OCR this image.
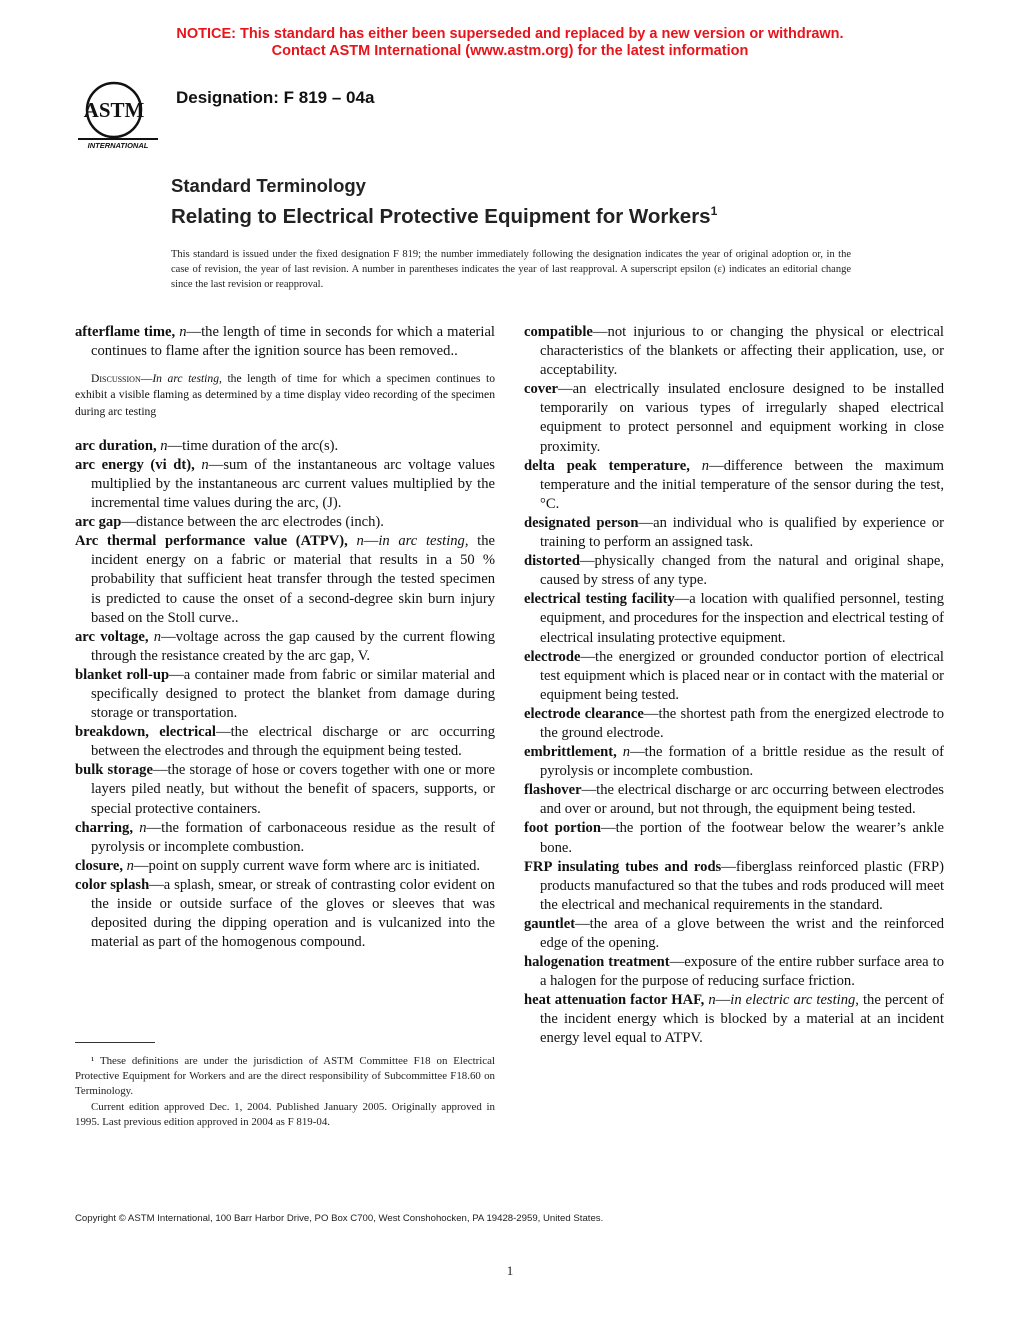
NOTICE: This standard has either been superseded and replaced by a new version or withdrawn.
Contact ASTM International (www.astm.org) for the latest information
ASTM
INTERNATIONAL
Designation: F 819 – 04a
Standard Terminology
Relating to Electrical Protective Equipment for Workers$^1$
This standard is issued under the fixed designation F 819; the number immediately following the designation indicates the year of original adoption or, in the case of revision, the year of last revision. A number in parentheses indicates the year of last reapproval. A superscript epsilon (ε) indicates an editorial change since the last revision or reapproval.

afterflame time, n—the length of time in seconds for which a material continues to flame after the ignition source has been removed..

Discussion—In arc testing, the length of time for which a specimen continues to exhibit a visible flaming as determined by a time display video recording of the specimen during arc testing

arc duration, n—time duration of the arc(s).

arc energy (vi dt), n—sum of the instantaneous arc voltage values multiplied by the instantaneous arc current values multiplied by the incremental time values during the arc, (J).

arc gap—distance between the arc electrodes (inch).

Arc thermal performance value (ATPV), n—in arc testing, the incident energy on a fabric or material that results in a 50 % probability that sufficient heat transfer through the tested specimen is predicted to cause the onset of a second-degree skin burn injury based on the Stoll curve..

arc voltage, n—voltage across the gap caused by the current flowing through the resistance created by the arc gap, V.

blanket roll-up—a container made from fabric or similar material and specifically designed to protect the blanket from damage during storage or transportation.

breakdown, electrical—the electrical discharge or arc occurring between the electrodes and through the equipment being tested.

bulk storage—the storage of hose or covers together with one or more layers piled neatly, but without the benefit of spacers, supports, or special protective containers.

charring, n—the formation of carbonaceous residue as the result of pyrolysis or incomplete combustion.

closure, n—point on supply current wave form where arc is initiated.

color splash—a splash, smear, or streak of contrasting color evident on the inside or outside surface of the gloves or sleeves that was deposited during the dipping operation and is vulcanized into the material as part of the homogenous compound.

compatible—not injurious to or changing the physical or electrical characteristics of the blankets or affecting their application, use, or acceptability.

cover—an electrically insulated enclosure designed to be installed temporarily on various types of irregularly shaped electrical equipment to protect personnel and equipment working in close proximity.

delta peak temperature, n—difference between the maximum temperature and the initial temperature of the sensor during the test, °C.

designated person—an individual who is qualified by experience or training to perform an assigned task.

distorted—physically changed from the natural and original shape, caused by stress of any type.

electrical testing facility—a location with qualified personnel, testing equipment, and procedures for the inspection and electrical testing of electrical insulating protective equipment.

electrode—the energized or grounded conductor portion of electrical test equipment which is placed near or in contact with the material or equipment being tested.

electrode clearance—the shortest path from the energized electrode to the ground electrode.

embrittlement, n—the formation of a brittle residue as the result of pyrolysis or incomplete combustion.

flashover—the electrical discharge or arc occurring between electrodes and over or around, but not through, the equipment being tested.

foot portion—the portion of the footwear below the wearer’s ankle bone.

FRP insulating tubes and rods—fiberglass reinforced plastic (FRP) products manufactured so that the tubes and rods produced will meet the electrical and mechanical requirements in the standard.

gauntlet—the area of a glove between the wrist and the reinforced edge of the opening.

halogenation treatment—exposure of the entire rubber surface area to a halogen for the purpose of reducing surface friction.

heat attenuation factor HAF, n—in electric arc testing, the percent of the incident energy which is blocked by a material at an incident energy level equal to ATPV.

¹ These definitions are under the jurisdiction of ASTM Committee F18 on Electrical Protective Equipment for Workers and are the direct responsibility of Subcommittee F18.60 on Terminology.

Current edition approved Dec. 1, 2004. Published January 2005. Originally approved in 1995. Last previous edition approved in 2004 as F 819-04.

Copyright © ASTM International, 100 Barr Harbor Drive, PO Box C700, West Conshohocken, PA 19428-2959, United States.
1
